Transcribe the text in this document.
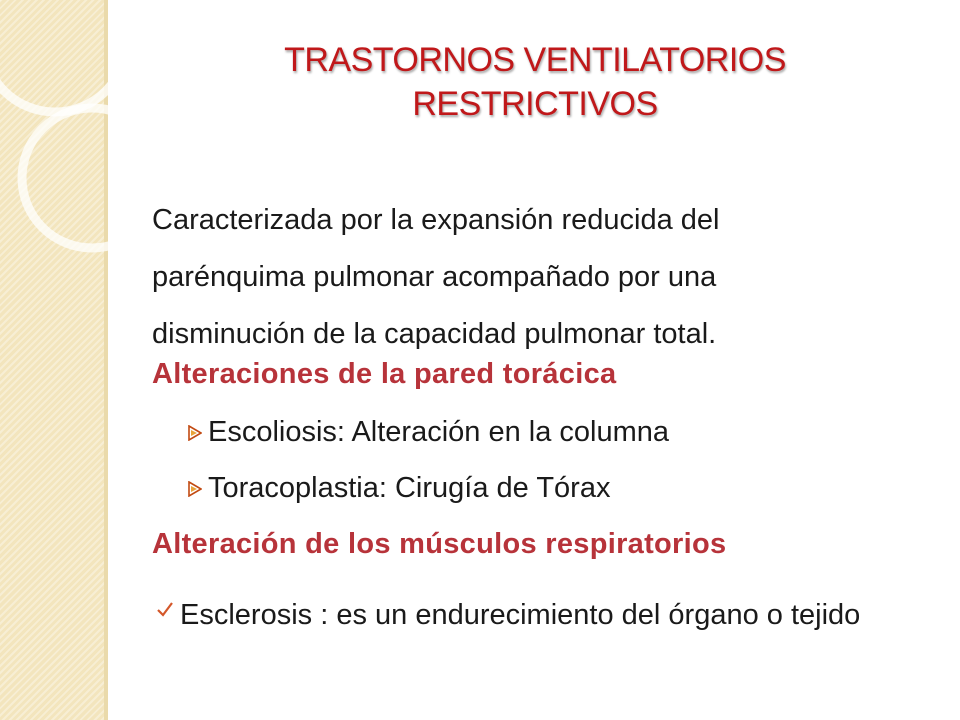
TRASTORNOS VENTILATORIOS
RESTRICTIVOS
Caracterizada por la expansión reducida del
parénquima pulmonar acompañado por una
disminución de la capacidad pulmonar total.
Alteraciones de la pared torácica
Escoliosis: Alteración en la columna
Toracoplastia: Cirugía de Tórax
Alteración de los músculos respiratorios
Esclerosis : es un endurecimiento del órgano o tejido
